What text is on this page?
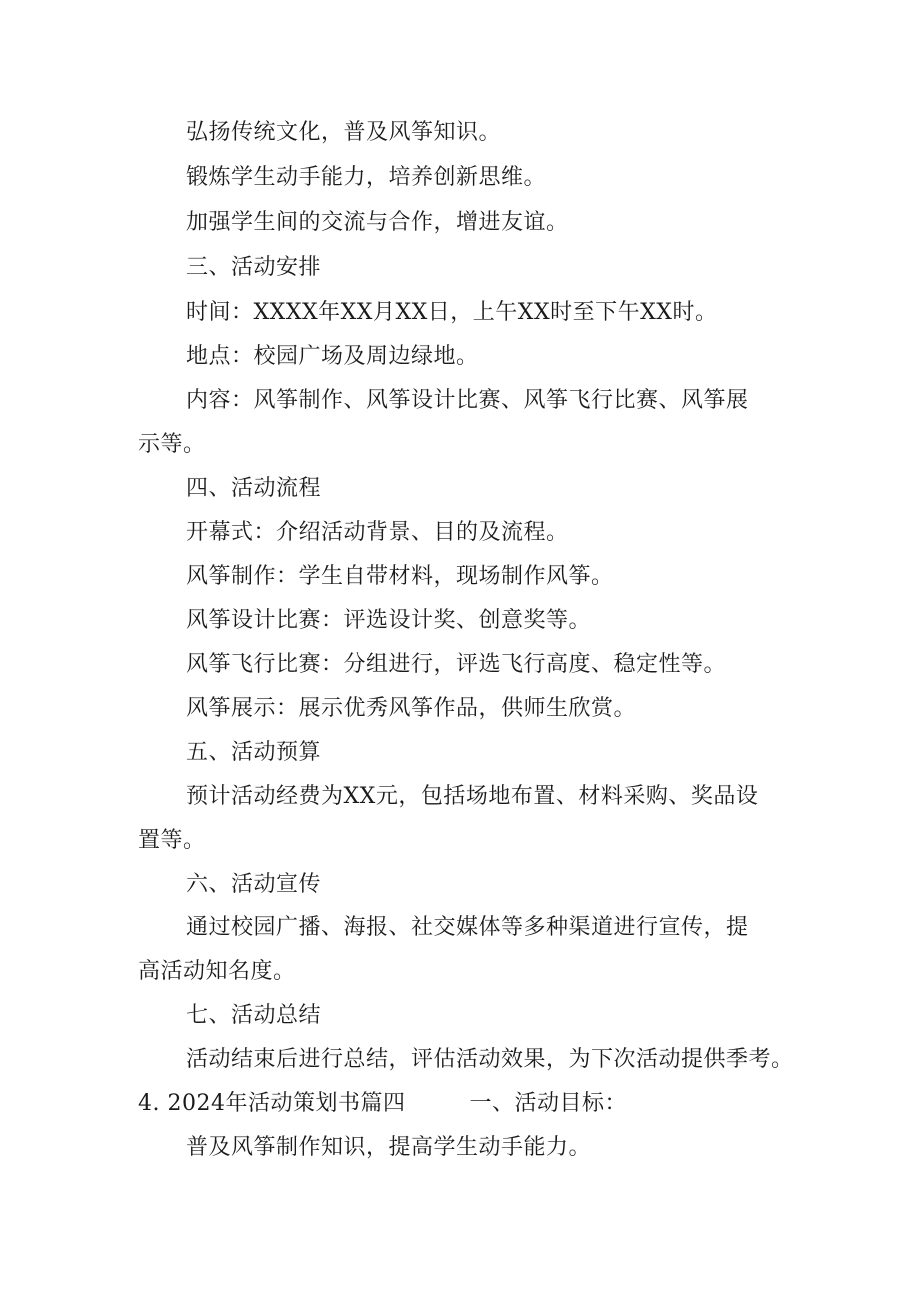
弘扬传统文化，普及风筝知识。
锻炼学生动手能力，培养创新思维。
加强学生间的交流与合作，增进友谊。
三、活动安排
时间：XXXX年XX月XX日，上午XX时至下午XX时。
地点：校园广场及周边绿地。
内容：风筝制作、风筝设计比赛、风筝飞行比赛、风筝展
示等。
四、活动流程
开幕式：介绍活动背景、目的及流程。
风筝制作：学生自带材料，现场制作风筝。
风筝设计比赛：评选设计奖、创意奖等。
风筝飞行比赛：分组进行，评选飞行高度、稳定性等。
风筝展示：展示优秀风筝作品，供师生欣赏。
五、活动预算
预计活动经费为XX元，包括场地布置、材料采购、奖品设
置等。
六、活动宣传
通过校园广播、海报、社交媒体等多种渠道进行宣传，提
高活动知名度。
七、活动总结
活动结束后进行总结，评估活动效果，为下次活动提供季考。
4. 2024年活动策划书篇四	一、活动目标：
普及风筝制作知识，提高学生动手能力。
